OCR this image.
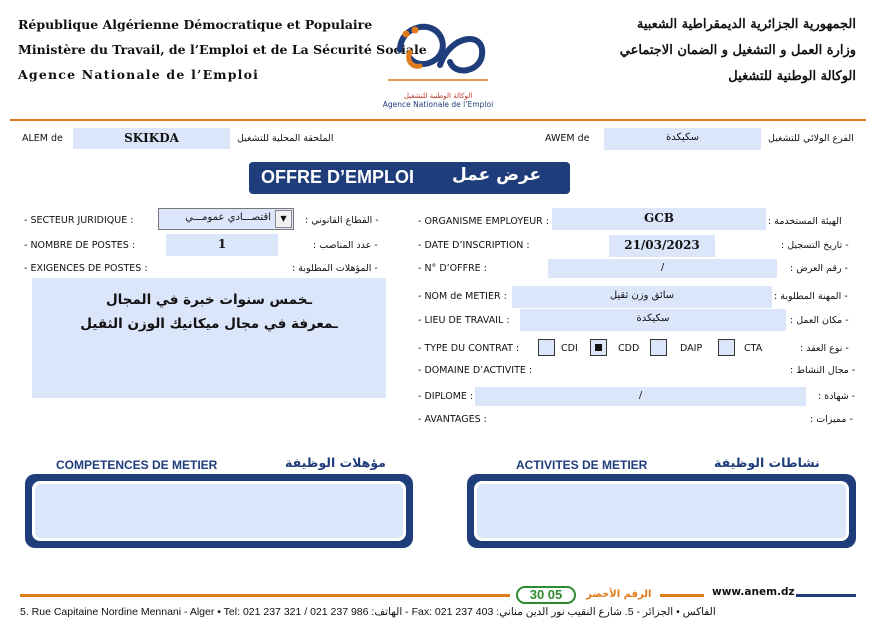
République Algérienne Démocratique et Populaire
Ministère du Travail, de l’Emploi et de La Sécurité Sociale
Agence Nationale de l’Emploi
الوكالة الوطنية للتشغيل
Agence Nationale de l’Emploi
الجمهورية الجزائرية الديمقراطية الشعبية
وزارة العمل و التشغيل و الضمان الاجتماعي
الوكالة الوطنية للتشغيل
ALEM de	SKIKDA	الملحقة المحلية للتشغيل	AWEM de	سكيكدة	الفرع الولائي للتشغيل
OFFRE D’EMPLOI عرض عمل
- SECTEUR JURIDIQUE :	اقتصـــادي عمومـــي	▼	- القطاع القانوني :
- NOMBRE DE POSTES :	1	- عدد المناصب :
- EXIGENCES DE POSTES :	- المؤهلات المطلوبة :
ـخمس سنوات خبرة في المجال
ـمعرفة في مجال ميكانيك الوزن الثقيل
- ORGANISME EMPLOYEUR :	GCB	الهيئة المستخدمة :
- DATE D’INSCRIPTION :	21/03/2023	- تاريخ التسجيل :
- N° D’OFFRE :	/	- رقم العرض :
- NOM de METIER :	سائق وزن ثقيل	- المهنة المطلوبة :
- LIEU DE TRAVAIL :	سكيكدة	- مكان العمل :
- TYPE DU CONTRAT :	CDI	CDD	DAIP	CTA	- نوع العقد :
- DOMAINE D’ACTIVITE :	- مجال النشاط :
- DIPLOME :	/	- شهادة :
- AVANTAGES :	- مميزات :
COMPETENCES DE METIER	مؤهلات الوظيفة	ACTIVITES DE METIER	نشاطات الوظيفة
30 05	الرقم الأخضر	www.anem.dz
5. Rue Capitaine Nordine Mennani - Alger • Tel: 021 237 321 / 021 237 986 :الهاتف - Fax: 021 237 403 :الفاكس • الجزائر - 5. شارع النقيب نور الدين مناني
